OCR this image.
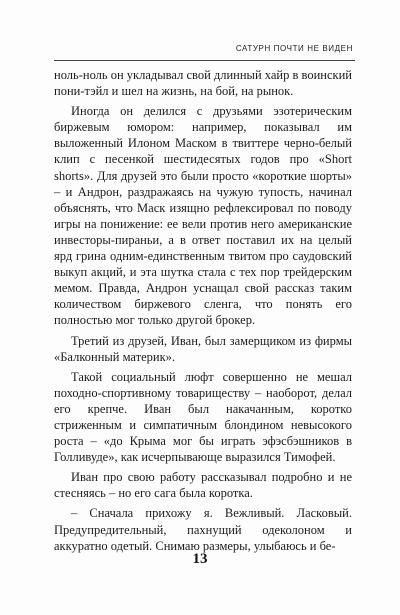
САТУРН ПОЧТИ НЕ ВИДЕН

ноль-ноль он укладывал свой длинный хайр в воинский пони-тэйл и шел на жизнь, на бой, на рынок.

Иногда он делился с друзьями эзотерическим биржевым юмором: например, показывал им выложенный Илоном Маском в твиттере черно-белый клип с песенкой шестидесятых годов про «Short shorts». Для друзей это были просто «короткие шорты» – и Андрон, раздражаясь на чужую тупость, начинал объяснять, что Маск изящно рефлексировал по поводу игры на понижение: ее вели против него американские инвесторы-пираньи, а в ответ поставил их на целый ярд грина одним-единственным твитом про саудовский выкуп акций, и эта шутка стала с тех пор трейдерским мемом. Правда, Андрон уснащал свой рассказ таким количеством биржевого сленга, что понять его полностью мог только другой брокер.

Третий из друзей, Иван, был замерщиком из фирмы «Балконный материк».

Такой социальный люфт совершенно не мешал походно-спортивному товариществу – наоборот, делал его крепче. Иван был накачанным, коротко стриженным и симпатичным блондином невысокого роста – «до Крыма мог бы играть эфэсбэшников в Голливуде», как исчерпывающе выразился Тимофей.

Иван про свою работу рассказывал подробно и не стесняясь – но его сага была коротка.

– Сначала прихожу я. Вежливый. Ласковый. Предупредительный, пахнущий одеколоном и аккуратно одетый. Снимаю размеры, улыбаюсь и бе-

13
